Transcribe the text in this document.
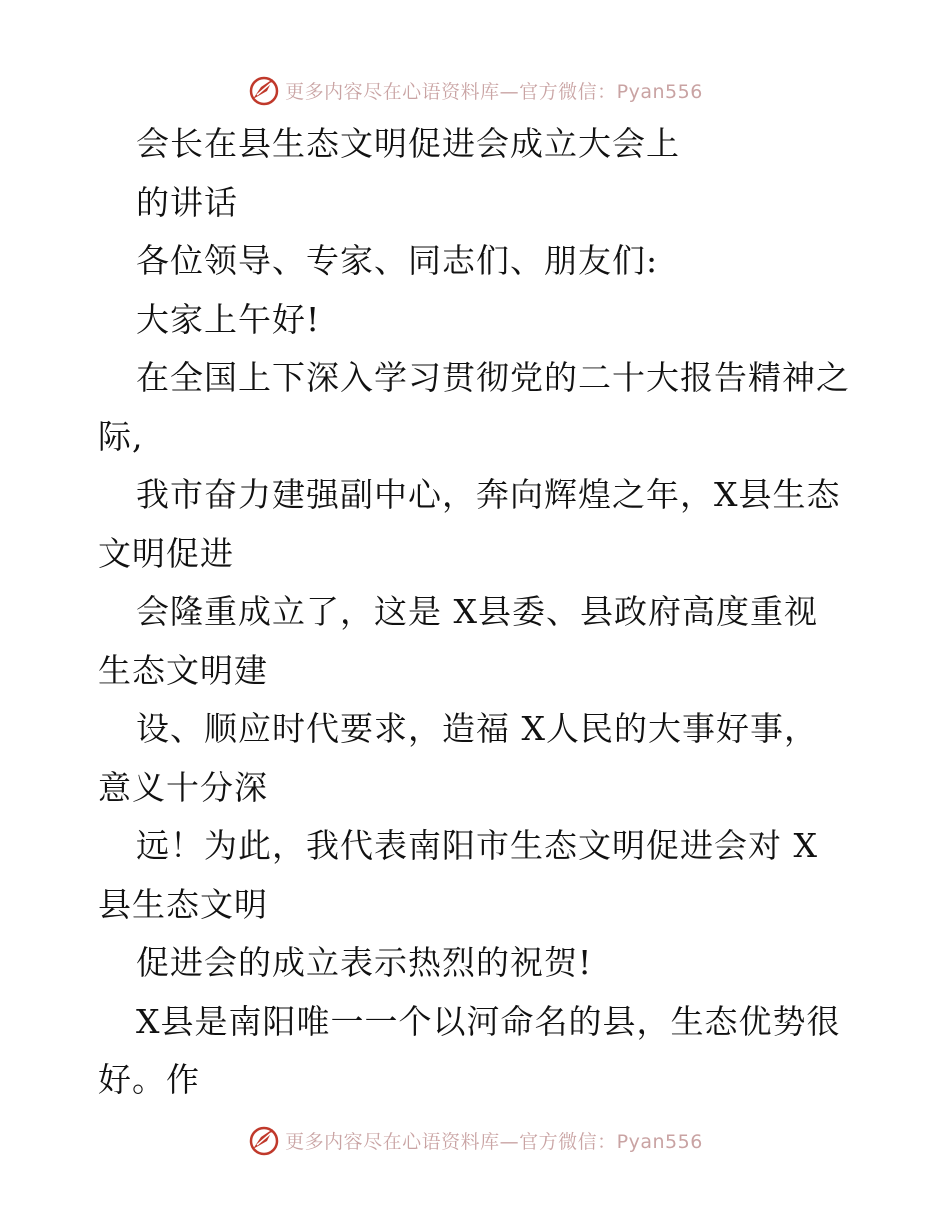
更多内容尽在心语资料库—官方微信：Pyan556
会长在县生态文明促进会成立大会上
的讲话
各位领导、专家、同志们、朋友们:
大家上午好!
在全国上下深入学习贯彻党的二十大报告精神之
际,
我市奋力建强副中心，奔向辉煌之年，X县生态
文明促进
会隆重成立了，这是 X县委、县政府高度重视
生态文明建
设、顺应时代要求，造福 X人民的大事好事，
意义十分深
远！为此，我代表南阳市生态文明促进会对 X
县生态文明
促进会的成立表示热烈的祝贺!
X县是南阳唯一一个以河命名的县，生态优势很
好。作
更多内容尽在心语资料库—官方微信：Pyan556
